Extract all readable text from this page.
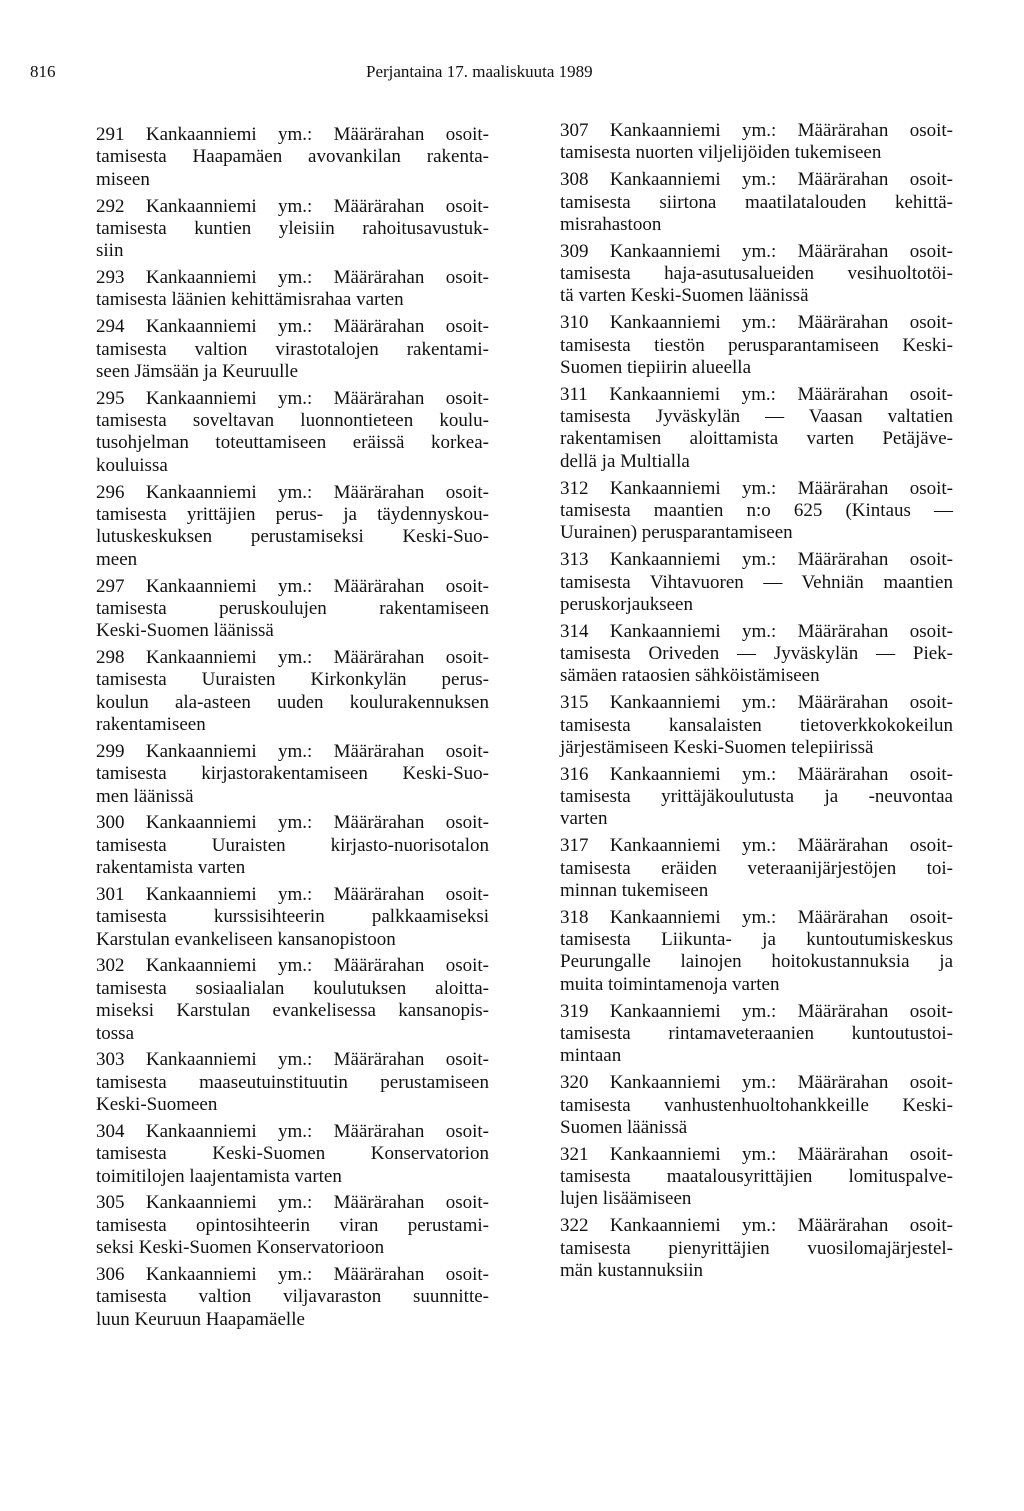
816	Perjantaina 17. maaliskuuta 1989
291 Kankaanniemi ym.: Määrärahan osoit-
tamisesta Haapamäen avovankilan rakenta-
miseen
292 Kankaanniemi ym.: Määrärahan osoit-
tamisesta kuntien yleisiin rahoitusavustuk-
siin
293 Kankaanniemi ym.: Määrärahan osoit-
tamisesta läänien kehittämisrahaa varten
294 Kankaanniemi ym.: Määrärahan osoit-
tamisesta valtion virastotalojen rakentami-
seen Jämsään ja Keuruulle
295 Kankaanniemi ym.: Määrärahan osoit-
tamisesta soveltavan luonnontieteen koulu-
tusohjelman toteuttamiseen eräissä korkea-
kouluissa
296 Kankaanniemi ym.: Määrärahan osoit-
tamisesta yrittäjien perus- ja täydennyskou-
lutuskeskuksen perustamiseksi Keski-Suo-
meen
297 Kankaanniemi ym.: Määrärahan osoit-
tamisesta peruskoulujen rakentamiseen
Keski-Suomen läänissä
298 Kankaanniemi ym.: Määrärahan osoit-
tamisesta Uuraisten Kirkonkylän perus-
koulun ala-asteen uuden koulurakennuksen
rakentamiseen
299 Kankaanniemi ym.: Määrärahan osoit-
tamisesta kirjastorakentamiseen Keski-Suo-
men läänissä
300 Kankaanniemi ym.: Määrärahan osoit-
tamisesta Uuraisten kirjasto-nuorisotalon
rakentamista varten
301 Kankaanniemi ym.: Määrärahan osoit-
tamisesta kurssisihteerin palkkaamiseksi
Karstulan evankeliseen kansanopistoon
302 Kankaanniemi ym.: Määrärahan osoit-
tamisesta sosiaalialan koulutuksen aloitta-
miseksi Karstulan evankelisessa kansanopis-
tossa
303 Kankaanniemi ym.: Määrärahan osoit-
tamisesta maaseutuinstituutin perustamiseen
Keski-Suomeen
304 Kankaanniemi ym.: Määrärahan osoit-
tamisesta Keski-Suomen Konservatorion
toimitilojen laajentamista varten
305 Kankaanniemi ym.: Määrärahan osoit-
tamisesta opintosihteerin viran perustami-
seksi Keski-Suomen Konservatorioon
306 Kankaanniemi ym.: Määrärahan osoit-
tamisesta valtion viljavaraston suunnitte-
luun Keuruun Haapamäelle
307 Kankaanniemi ym.: Määrärahan osoit-
tamisesta nuorten viljelijöiden tukemiseen
308 Kankaanniemi ym.: Määrärahan osoit-
tamisesta siirtona maatilatalouden kehittä-
misrahastoon
309 Kankaanniemi ym.: Määrärahan osoit-
tamisesta haja-asutusalueiden vesihuoltotöi-
tä varten Keski-Suomen läänissä
310 Kankaanniemi ym.: Määrärahan osoit-
tamisesta tiestön perusparantamiseen Keski-
Suomen tiepiirin alueella
311 Kankaanniemi ym.: Määrärahan osoit-
tamisesta Jyväskylän — Vaasan valtatien
rakentamisen aloittamista varten Petäjäve-
dellä ja Multialla
312 Kankaanniemi ym.: Määrärahan osoit-
tamisesta maantien n:o 625 (Kintaus —
Uurainen) perusparantamiseen
313 Kankaanniemi ym.: Määrärahan osoit-
tamisesta Vihtavuoren — Vehniän maantien
peruskorjaukseen
314 Kankaanniemi ym.: Määrärahan osoit-
tamisesta Oriveden — Jyväskylän — Piek-
sämäen rataosien sähköistämiseen
315 Kankaanniemi ym.: Määrärahan osoit-
tamisesta kansalaisten tietoverkkokokeilun
järjestämiseen Keski-Suomen telepiirissä
316 Kankaanniemi ym.: Määrärahan osoit-
tamisesta yrittäjäkoulutusta ja -neuvontaa
varten
317 Kankaanniemi ym.: Määrärahan osoit-
tamisesta eräiden veteraanijärjestöjen toi-
minnan tukemiseen
318 Kankaanniemi ym.: Määrärahan osoit-
tamisesta Liikunta- ja kuntoutumiskeskus
Peurungalle lainojen hoitokustannuksia ja
muita toimintamenoja varten
319 Kankaanniemi ym.: Määrärahan osoit-
tamisesta rintamaveteraanien kuntoutustoi-
mintaan
320 Kankaanniemi ym.: Määrärahan osoit-
tamisesta vanhustenhuoltohankkeille Keski-
Suomen läänissä
321 Kankaanniemi ym.: Määrärahan osoit-
tamisesta maatalousyrittäjien lomituspalve-
lujen lisäämiseen
322 Kankaanniemi ym.: Määrärahan osoit-
tamisesta pienyrittäjien vuosilomajärjestel-
män kustannuksiin
